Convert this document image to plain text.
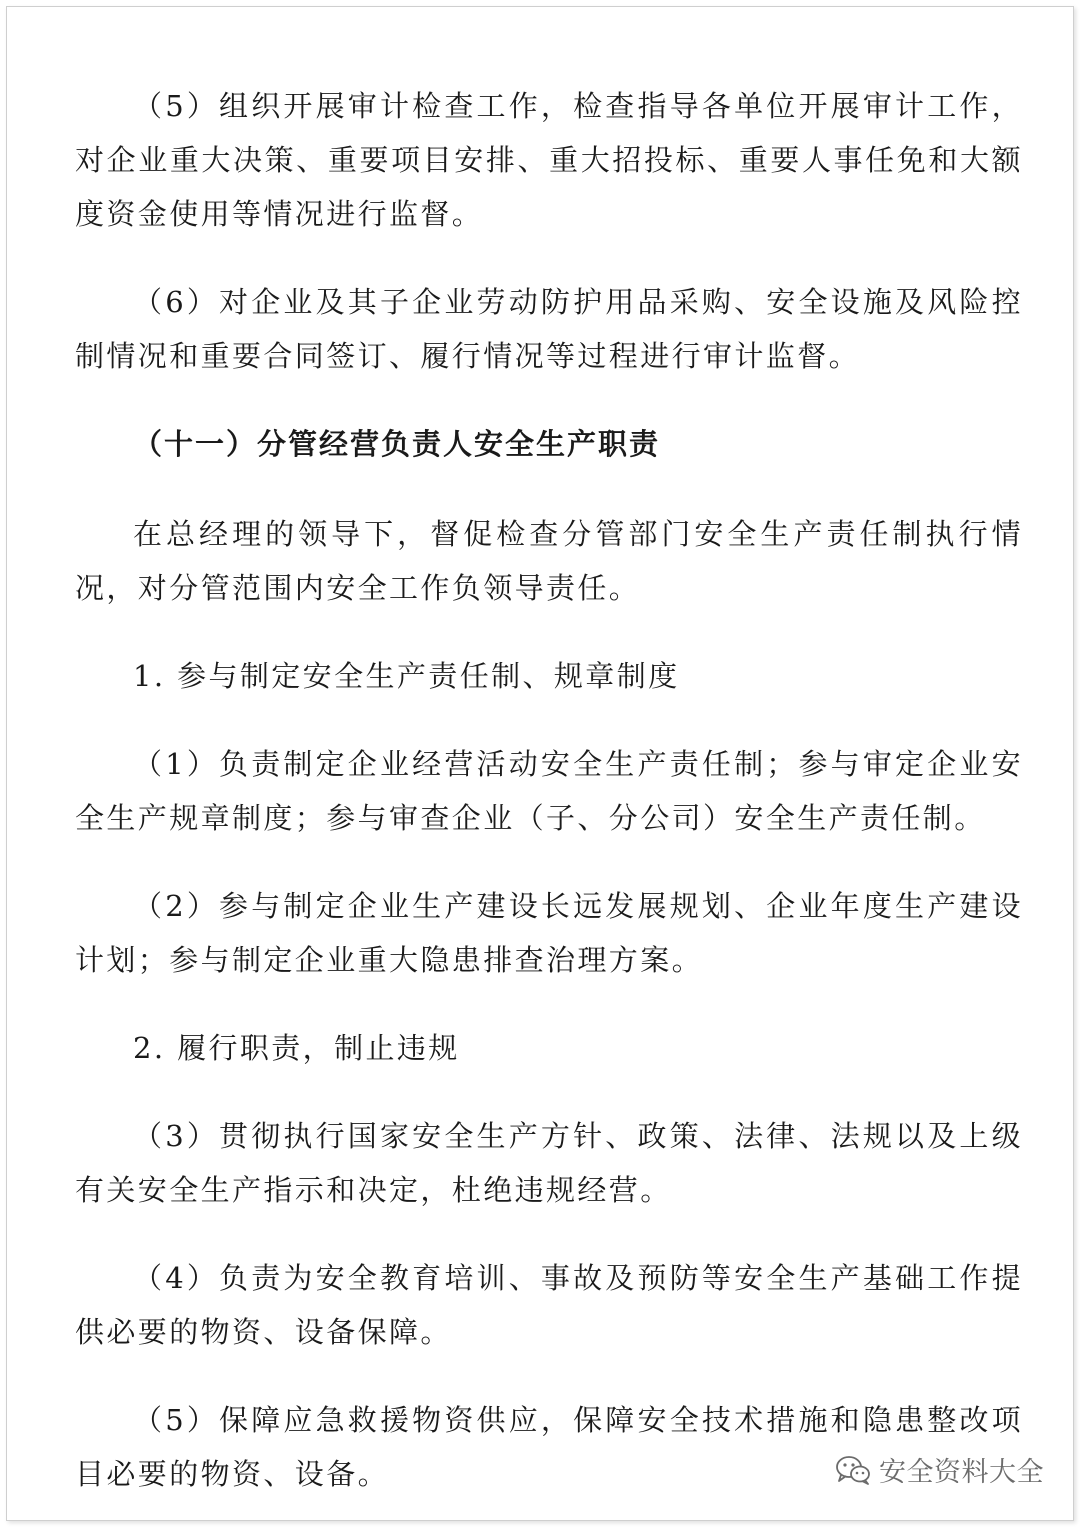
（5）组织开展审计检查工作，检查指导各单位开展审计工作，对企业重大决策、重要项目安排、重大招投标、重要人事任免和大额度资金使用等情况进行监督。

（6）对企业及其子企业劳动防护用品采购、安全设施及风险控制情况和重要合同签订、履行情况等过程进行审计监督。

（十一）分管经营负责人安全生产职责

在总经理的领导下，督促检查分管部门安全生产责任制执行情况，对分管范围内安全工作负领导责任。

1. 参与制定安全生产责任制、规章制度

（1）负责制定企业经营活动安全生产责任制；参与审定企业安全生产规章制度；参与审查企业（子、分公司）安全生产责任制。

（2）参与制定企业生产建设长远发展规划、企业年度生产建设计划；参与制定企业重大隐患排查治理方案。

2. 履行职责，制止违规

（3）贯彻执行国家安全生产方针、政策、法律、法规以及上级有关安全生产指示和决定，杜绝违规经营。

（4）负责为安全教育培训、事故及预防等安全生产基础工作提供必要的物资、设备保障。

（5）保障应急救援物资供应，保障安全技术措施和隐患整改项目必要的物资、设备。	安全资料大全
